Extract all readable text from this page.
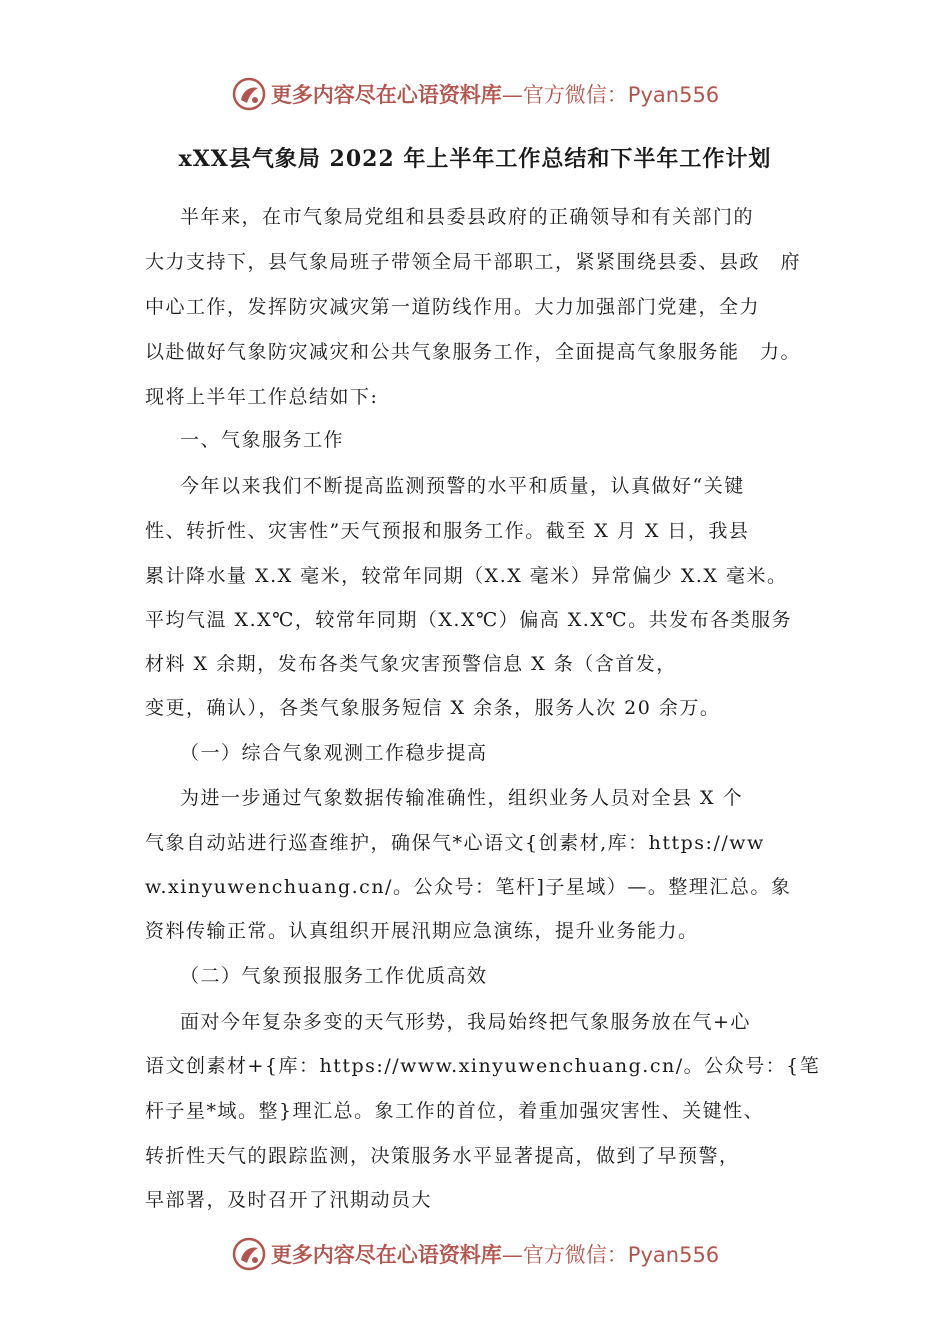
更多内容尽在心语资料库 —官方微信：Pyan556
xXX县气象局 2022 年上半年工作总结和下半年工作计划
半年来，在市气象局党组和县委县政府的正确领导和有关部门的
大力支持下，县气象局班子带领全局干部职工，紧紧围绕县委、县政　府
中心工作，发挥防灾减灾第一道防线作用。大力加强部门党建，全力
以赴做好气象防灾减灾和公共气象服务工作，全面提高气象服务能　力。
现将上半年工作总结如下:
一、气象服务工作
今年以来我们不断提高监测预警的水平和质量，认真做好“关键
性、转折性、灾害性”天气预报和服务工作。截至 X 月 X 日，我县
累计降水量 X.X 毫米，较常年同期（X.X 毫米）异常偏少 X.X 毫米。
平均气温 X.X℃，较常年同期（X.X℃）偏高 X.X℃。共发布各类服务
材料 X 余期，发布各类气象灾害预警信息 X 条（含首发，
变更，确认），各类气象服务短信 X 余条，服务人次 20 余万。
（一）综合气象观测工作稳步提高
为进一步通过气象数据传输准确性，组织业务人员对全县 X 个
气象自动站进行巡查维护，确保气*心语文{创素材,库：https://ww
w.xinyuwenchuang.cn/。公众号：笔杆]子星域）—。整理汇总。象
资料传输正常。认真组织开展汛期应急演练，提升业务能力。
（二）气象预报服务工作优质高效
面对今年复杂多变的天气形势，我局始终把气象服务放在气+心
语文创素材+{库：https://www.xinyuwenchuang.cn/。公众号：{笔
杆子星*域。整}理汇总。象工作的首位，着重加强灾害性、关键性、
转折性天气的跟踪监测，决策服务水平显著提高，做到了早预警，
早部署，及时召开了汛期动员大
更多内容尽在心语资料库 —官方微信：Pyan556
